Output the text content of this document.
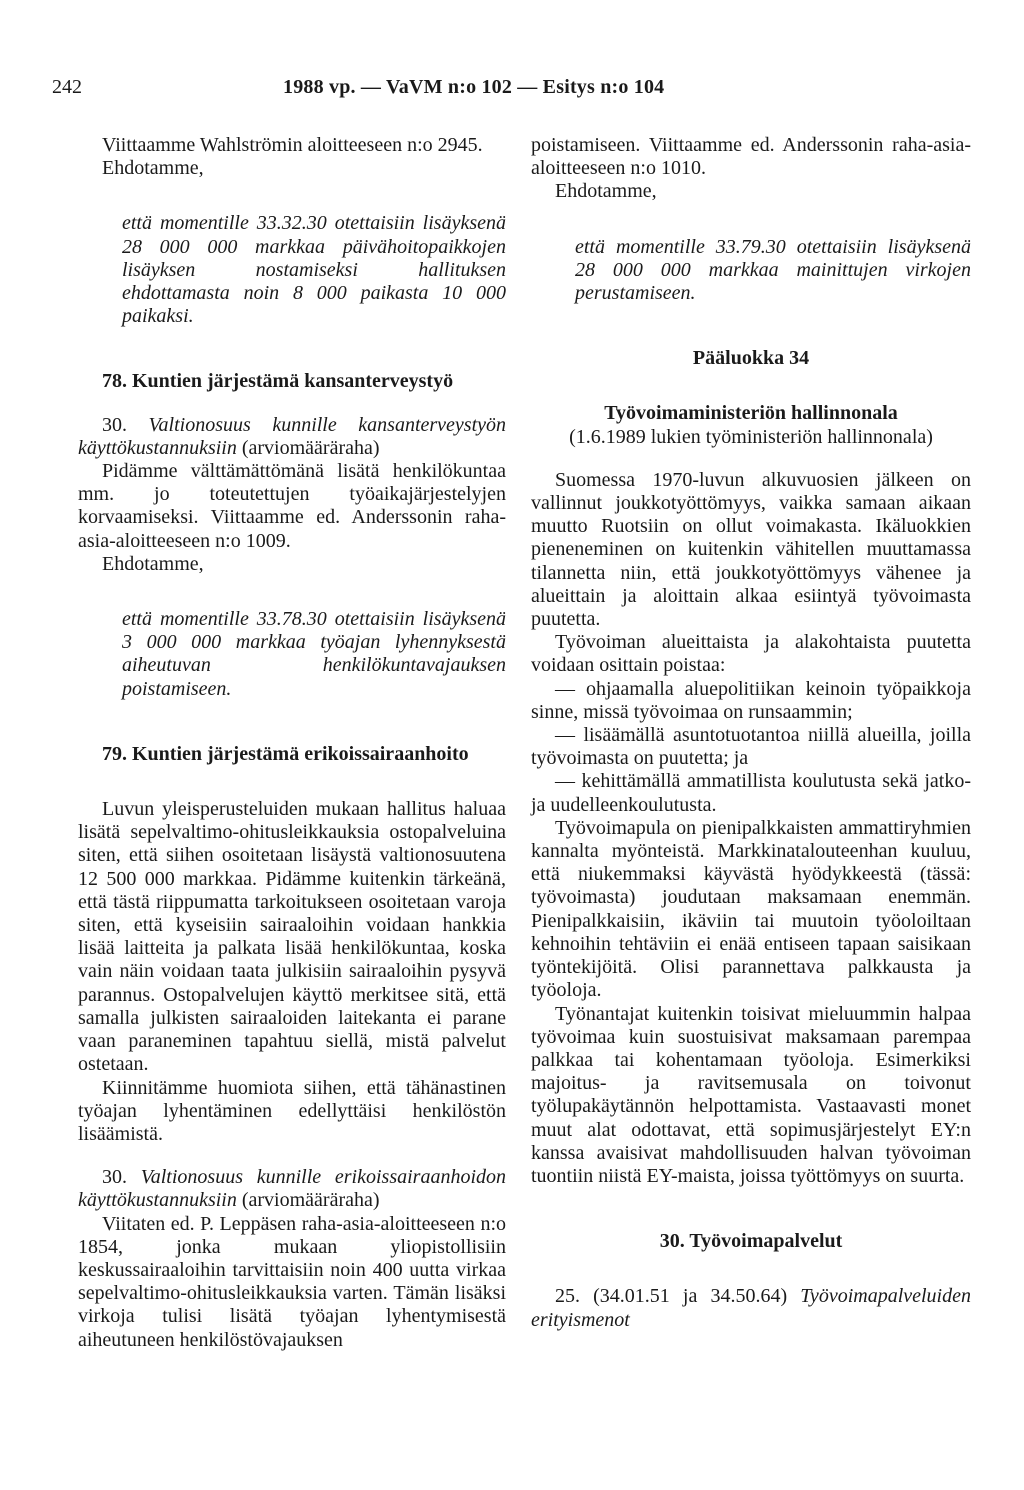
242	1988 vp. — VaVM n:o 102 — Esitys n:o 104

Viittaamme Wahlströmin aloitteeseen n:o 2945.

Ehdotamme,

että momentille 33.32.30 otettaisiin lisäyksenä 28 000 000 markkaa päivähoitopaikkojen lisäyksen nostamiseksi hallituksen ehdottamasta noin 8 000 paikasta 10 000 paikaksi.

78. Kuntien järjestämä kansanterveystyö

30. Valtionosuus kunnille kansanterveystyön käyttökustannuksiin (arviomääräraha)

Pidämme välttämättömänä lisätä henkilökuntaa mm. jo toteutettujen työaikajärjestelyjen korvaamiseksi. Viittaamme ed. Anderssonin raha-asia-aloitteeseen n:o 1009.

Ehdotamme,

että momentille 33.78.30 otettaisiin lisäyksenä 3 000 000 markkaa työajan lyhennyksestä aiheutuvan henkilökuntavajauksen poistamiseen.

79. Kuntien järjestämä erikoissairaanhoito

Luvun yleisperusteluiden mukaan hallitus haluaa lisätä sepelvaltimo-ohitusleikkauksia ostopalveluina siten, että siihen osoitetaan lisäystä valtionosuutena 12 500 000 markkaa. Pidämme kuitenkin tärkeänä, että tästä riippumatta tarkoitukseen osoitetaan varoja siten, että kyseisiin sairaaloihin voidaan hankkia lisää laitteita ja palkata lisää henkilökuntaa, koska vain näin voidaan taata julkisiin sairaaloihin pysyvä parannus. Ostopalvelujen käyttö merkitsee sitä, että samalla julkisten sairaaloiden laitekanta ei parane vaan paraneminen tapahtuu siellä, mistä palvelut ostetaan.

Kiinnitämme huomiota siihen, että tähänastinen työajan lyhentäminen edellyttäisi henkilöstön lisäämistä.

30. Valtionosuus kunnille erikoissairaanhoidon käyttökustannuksiin (arviomääräraha)

Viitaten ed. P. Leppäsen raha-asia-aloitteeseen n:o 1854, jonka mukaan yliopistollisiin keskussairaaloihin tarvittaisiin noin 400 uutta virkaa sepelvaltimo-ohitusleikkauksia varten. Tämän lisäksi virkoja tulisi lisätä työajan lyhentymisestä aiheutuneen henkilöstövajauksen

poistamiseen. Viittaamme ed. Anderssonin raha-asia-aloitteeseen n:o 1010.

Ehdotamme,

että momentille 33.79.30 otettaisiin lisäyksenä 28 000 000 markkaa mainittujen virkojen perustamiseen.

Pääluokka 34

Työvoimaministeriön hallinnonala

(1.6.1989 lukien työministeriön hallinnonala)

Suomessa 1970-luvun alkuvuosien jälkeen on vallinnut joukkotyöttömyys, vaikka samaan aikaan muutto Ruotsiin on ollut voimakasta. Ikäluokkien pieneneminen on kuitenkin vähitellen muuttamassa tilannetta niin, että joukkotyöttömyys vähenee ja alueittain ja aloittain alkaa esiintyä työvoimasta puutetta.

Työvoiman alueittaista ja alakohtaista puutetta voidaan osittain poistaa:

— ohjaamalla aluepolitiikan keinoin työpaikkoja sinne, missä työvoimaa on runsaammin;

— lisäämällä asuntotuotantoa niillä alueilla, joilla työvoimasta on puutetta; ja

— kehittämällä ammatillista koulutusta sekä jatko- ja uudelleenkoulutusta.

Työvoimapula on pienipalkkaisten ammattiryhmien kannalta myönteistä. Markkinatalouteenhan kuuluu, että niukemmaksi käyvästä hyödykkeestä (tässä: työvoimasta) joudutaan maksamaan enemmän. Pienipalkkaisiin, ikäviin tai muutoin työoloiltaan kehnoihin tehtäviin ei enää entiseen tapaan saisikaan työntekijöitä. Olisi parannettava palkkausta ja työoloja.

Työnantajat kuitenkin toisivat mieluummin halpaa työvoimaa kuin suostuisivat maksamaan parempaa palkkaa tai kohentamaan työoloja. Esimerkiksi majoitus- ja ravitsemusala on toivonut työlupakäytännön helpottamista. Vastaavasti monet muut alat odottavat, että sopimusjärjestelyt EY:n kanssa avaisivat mahdollisuuden halvan työvoiman tuontiin niistä EY-maista, joissa työttömyys on suurta.

30. Työvoimapalvelut

25. (34.01.51 ja 34.50.64) Työvoimapalveluiden erityismenot
